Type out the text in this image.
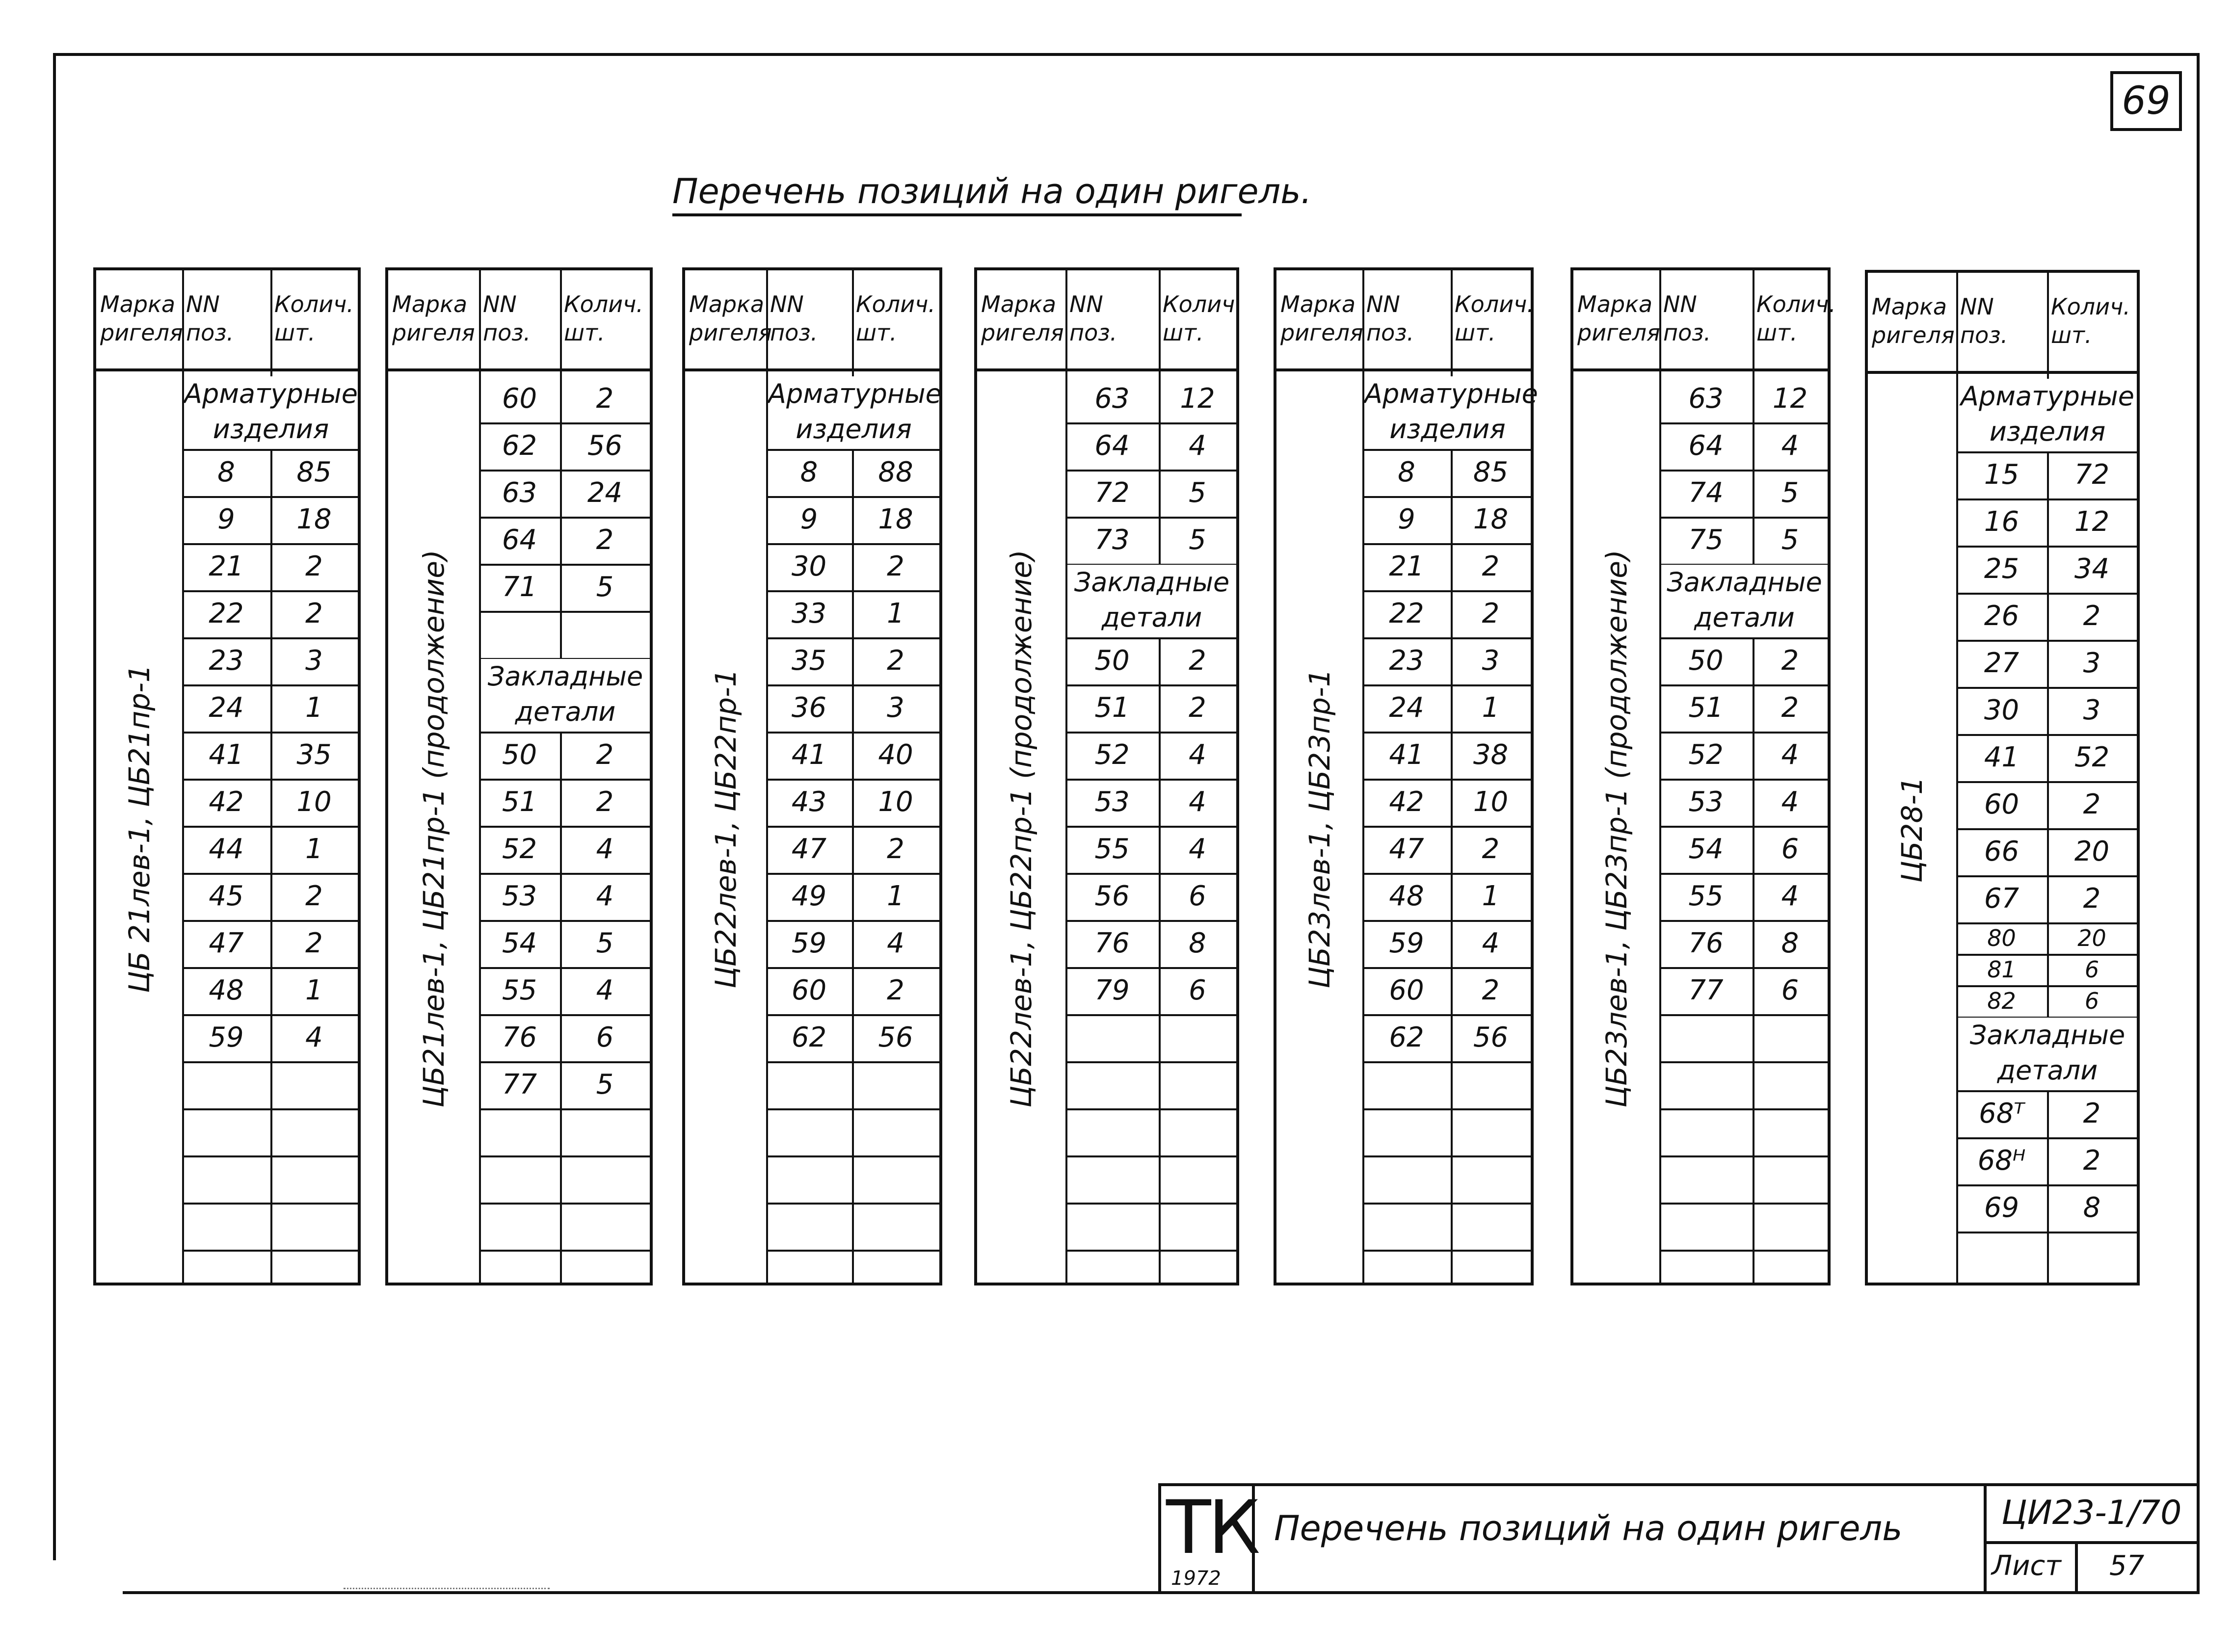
69
Перечень позиций на один ригель.
Марка
ригеля
NN
поз.
Колич.
шт.
Арматурные
изделия
8	85
9	18
21	2
22	2
23	3
24	1
41	35
42	10
44	1
45	2
47	2
48	1
59	4
ЦБ 21лев-1, ЦБ21пр-1
Марка
ригеля
NN
поз.
Колич.
шт.
60	2
62	56
63	24
64	2
71	5
Закладные
детали
50	2
51	2
52	4
53	4
54	5
55	4
76	6
77	5
ЦБ21лев-1, ЦБ21пр-1 (продолжение)
Марка
ригеля
NN
поз.
Колич.
шт.
Арматурные
изделия
8	88
9	18
30	2
33	1
35	2
36	3
41	40
43	10
47	2
49	1
59	4
60	2
62	56
ЦБ22лев-1, ЦБ22пр-1
Марка
ригеля
NN
поз.
Колич.
шт.
63	12
64	4
72	5
73	5
Закладные
детали
50	2
51	2
52	4
53	4
55	4
56	6
76	8
79	6
ЦБ22лев-1, ЦБ22пр-1 (продолжение)
Марка
ригеля
NN
поз.
Колич.
шт.
Арматурные
изделия
8	85
9	18
21	2
22	2
23	3
24	1
41	38
42	10
47	2
48	1
59	4
60	2
62	56
ЦБ23лев-1, ЦБ23пр-1
Марка
ригеля
NN
поз.
Колич.
шт.
63	12
64	4
74	5
75	5
Закладные
детали
50	2
51	2
52	4
53	4
54	6
55	4
76	8
77	6
ЦБ23лев-1, ЦБ23пр-1 (продолжение)
Марка
ригеля
NN
поз.
Колич.
шт.
Арматурные
изделия
15	72
16	12
25	34
26	2
27	3
30	3
41	52
60	2
66	20
67	2
80	20
81	6
82	6
Закладные
детали
68ᵀ	2
68ᴴ	2
69	8
ЦБ28-1
ТК
1972
Перечень позиций на один ригель	ЦИ23-1/70
Лист 57
